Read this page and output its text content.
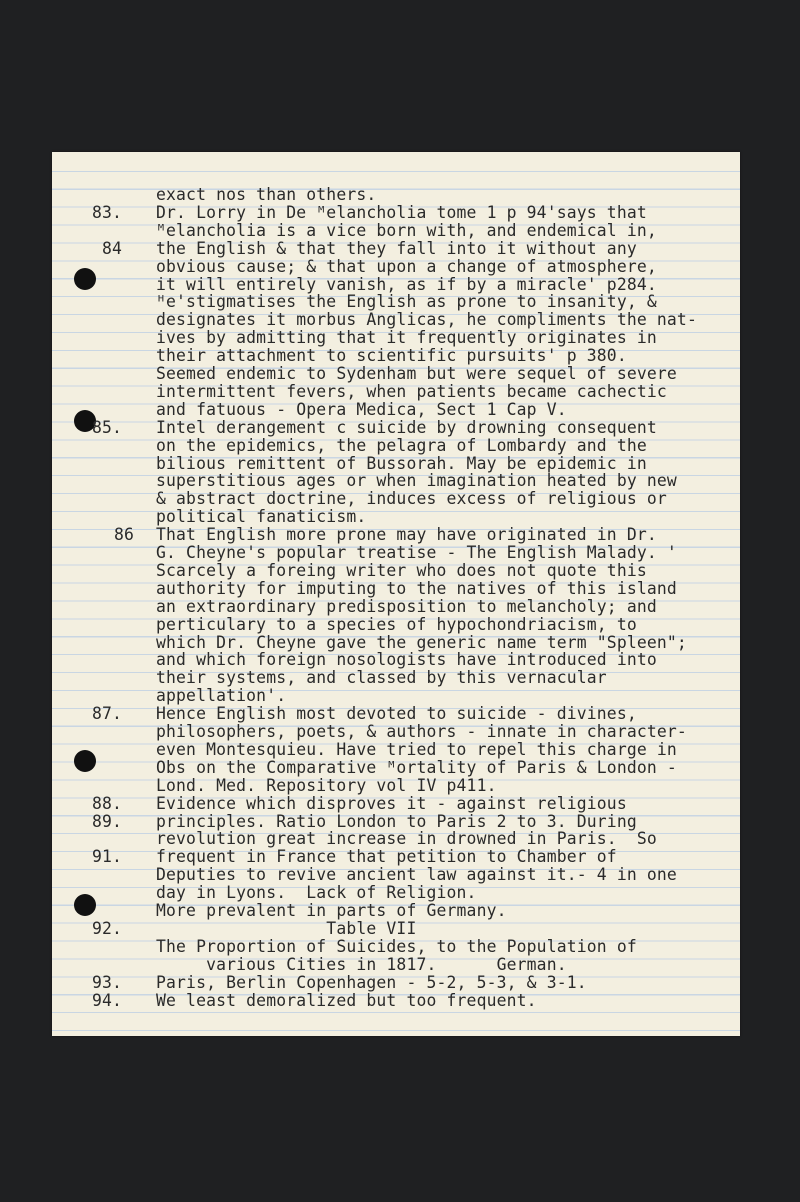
exact nos than others.
83. Dr. Lorry in De ᴹelancholia tome 1 p 94'says that
ᴹelancholia is a vice born with, and endemical in,
84 the English & that they fall into it without any
obvious cause; & that upon a change of atmosphere,
it will entirely vanish, as if by a miracle' p284.
ᴴe'stigmatises the English as prone to insanity, &
designates it morbus Anglicas, he compliments the nat-
ives by admitting that it frequently originates in
their attachment to scientific pursuits' p 380.
Seemed endemic to Sydenham but were sequel of severe
intermittent fevers, when patients became cachectic
and fatuous - Opera Medica, Sect 1 Cap V.
85. Intel derangement c suicide by drowning consequent
on the epidemics, the pelagra of Lombardy and the
bilious remittent of Bussorah. May be epidemic in
superstitious ages or when imagination heated by new
& abstract doctrine, induces excess of religious or
political fanaticism.
86 That English more prone may have originated in Dr.
G. Cheyne's popular treatise - The English Malady. '
Scarcely a foreing writer who does not quote this
authority for imputing to the natives of this island
an extraordinary predisposition to melancholy; and
perticulary to a species of hypochondriacism, to
which Dr. Cheyne gave the generic name term "Spleen";
and which foreign nosologists have introduced into
their systems, and classed by this vernacular
appellation'.
87. Hence English most devoted to suicide - divines,
philosophers, poets, & authors - innate in character-
even Montesquieu. Have tried to repel this charge in
Obs on the Comparative ᴹortality of Paris & London -
Lond. Med. Repository vol IV p411.
88. Evidence which disproves it - against religious
89. principles. Ratio London to Paris 2 to 3. During
revolution great increase in drowned in Paris.  So
91. frequent in France that petition to Chamber of
Deputies to revive ancient law against it.- 4 in one
day in Lyons.  Lack of Religion.
More prevalent in parts of Germany.
92. Table VII
The Proportion of Suicides, to the Population of
various Cities in 1817.      German.
93. Paris, Berlin Copenhagen - 5-2, 5-3, & 3-1.
94. We least demoralized but too frequent.
